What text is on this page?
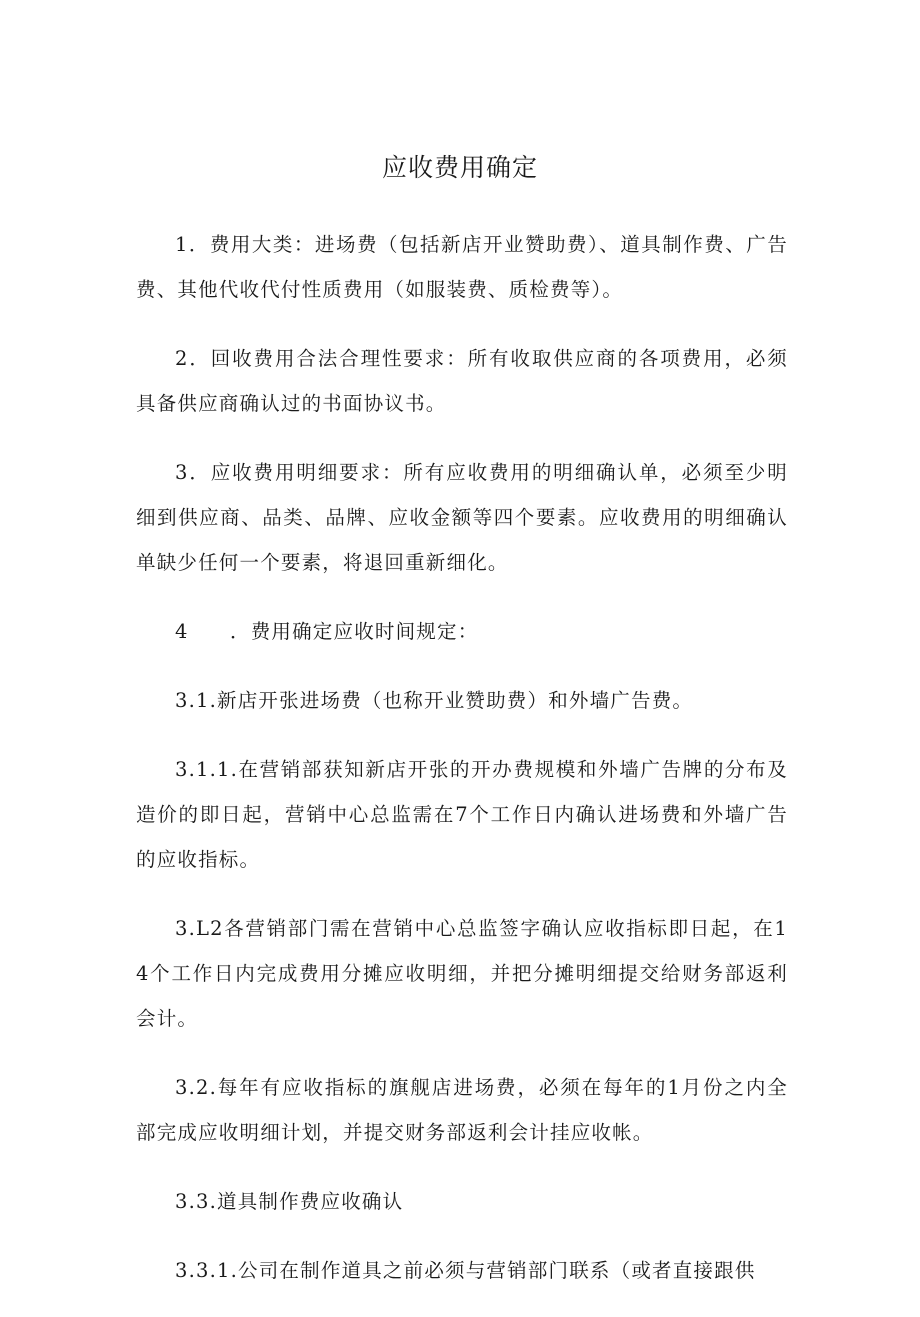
应收费用确定

1．费用大类：进场费（包括新店开业赞助费）、道具制作费、广告费、其他代收代付性质费用（如服装费、质检费等）。

2．回收费用合法合理性要求：所有收取供应商的各项费用，必须具备供应商确认过的书面协议书。

3．应收费用明细要求：所有应收费用的明细确认单，必须至少明细到供应商、品类、品牌、应收金额等四个要素。应收费用的明细确认单缺少任何一个要素，将退回重新细化。

4　　．费用确定应收时间规定：

3.1.新店开张进场费（也称开业赞助费）和外墙广告费。

3.1.1.在营销部获知新店开张的开办费规模和外墙广告牌的分布及造价的即日起，营销中心总监需在7个工作日内确认进场费和外墙广告的应收指标。

3.L2各营销部门需在营销中心总监签字确认应收指标即日起，在14个工作日内完成费用分摊应收明细，并把分摊明细提交给财务部返利会计。

3.2.每年有应收指标的旗舰店进场费，必须在每年的1月份之内全部完成应收明细计划，并提交财务部返利会计挂应收帐。

3.3.道具制作费应收确认

3.3.1.公司在制作道具之前必须与营销部门联系（或者直接跟供
